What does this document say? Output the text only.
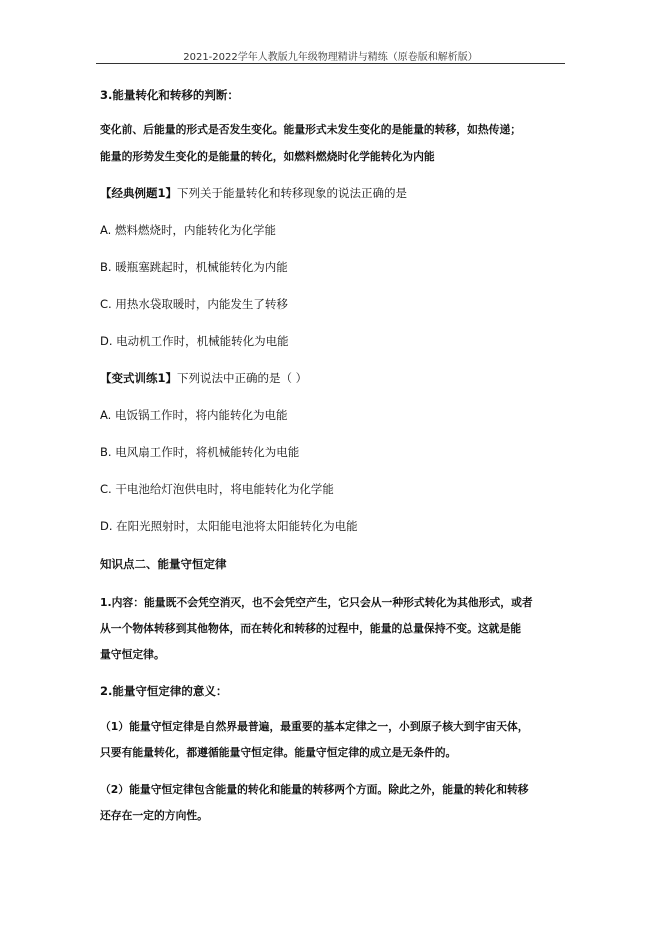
2021-2022学年人教版九年级物理精讲与精练（原卷版和解析版）
3.能量转化和转移的判断：
变化前、后能量的形式是否发生变化。能量形式未发生变化的是能量的转移，如热传递；
能量的形势发生变化的是能量的转化，如燃料燃烧时化学能转化为内能
【经典例题1】下列关于能量转化和转移现象的说法正确的是
A. 燃料燃烧时，内能转化为化学能
B. 暖瓶塞跳起时，机械能转化为内能
C. 用热水袋取暖时，内能发生了转移
D. 电动机工作时，机械能转化为电能
【变式训练1】下列说法中正确的是（ ）
A. 电饭锅工作时，将内能转化为电能
B. 电风扇工作时，将机械能转化为电能
C. 干电池给灯泡供电时，将电能转化为化学能
D. 在阳光照射时，太阳能电池将太阳能转化为电能
知识点二、能量守恒定律
1.内容：能量既不会凭空消灭，也不会凭空产生，它只会从一种形式转化为其他形式，或者
从一个物体转移到其他物体，而在转化和转移的过程中，能量的总量保持不变。这就是能
量守恒定律。
2.能量守恒定律的意义：
（1）能量守恒定律是自然界最普遍，最重要的基本定律之一，小到原子核大到宇宙天体，
只要有能量转化，都遵循能量守恒定律。能量守恒定律的成立是无条件的。
（2）能量守恒定律包含能量的转化和能量的转移两个方面。除此之外，能量的转化和转移
还存在一定的方向性。
